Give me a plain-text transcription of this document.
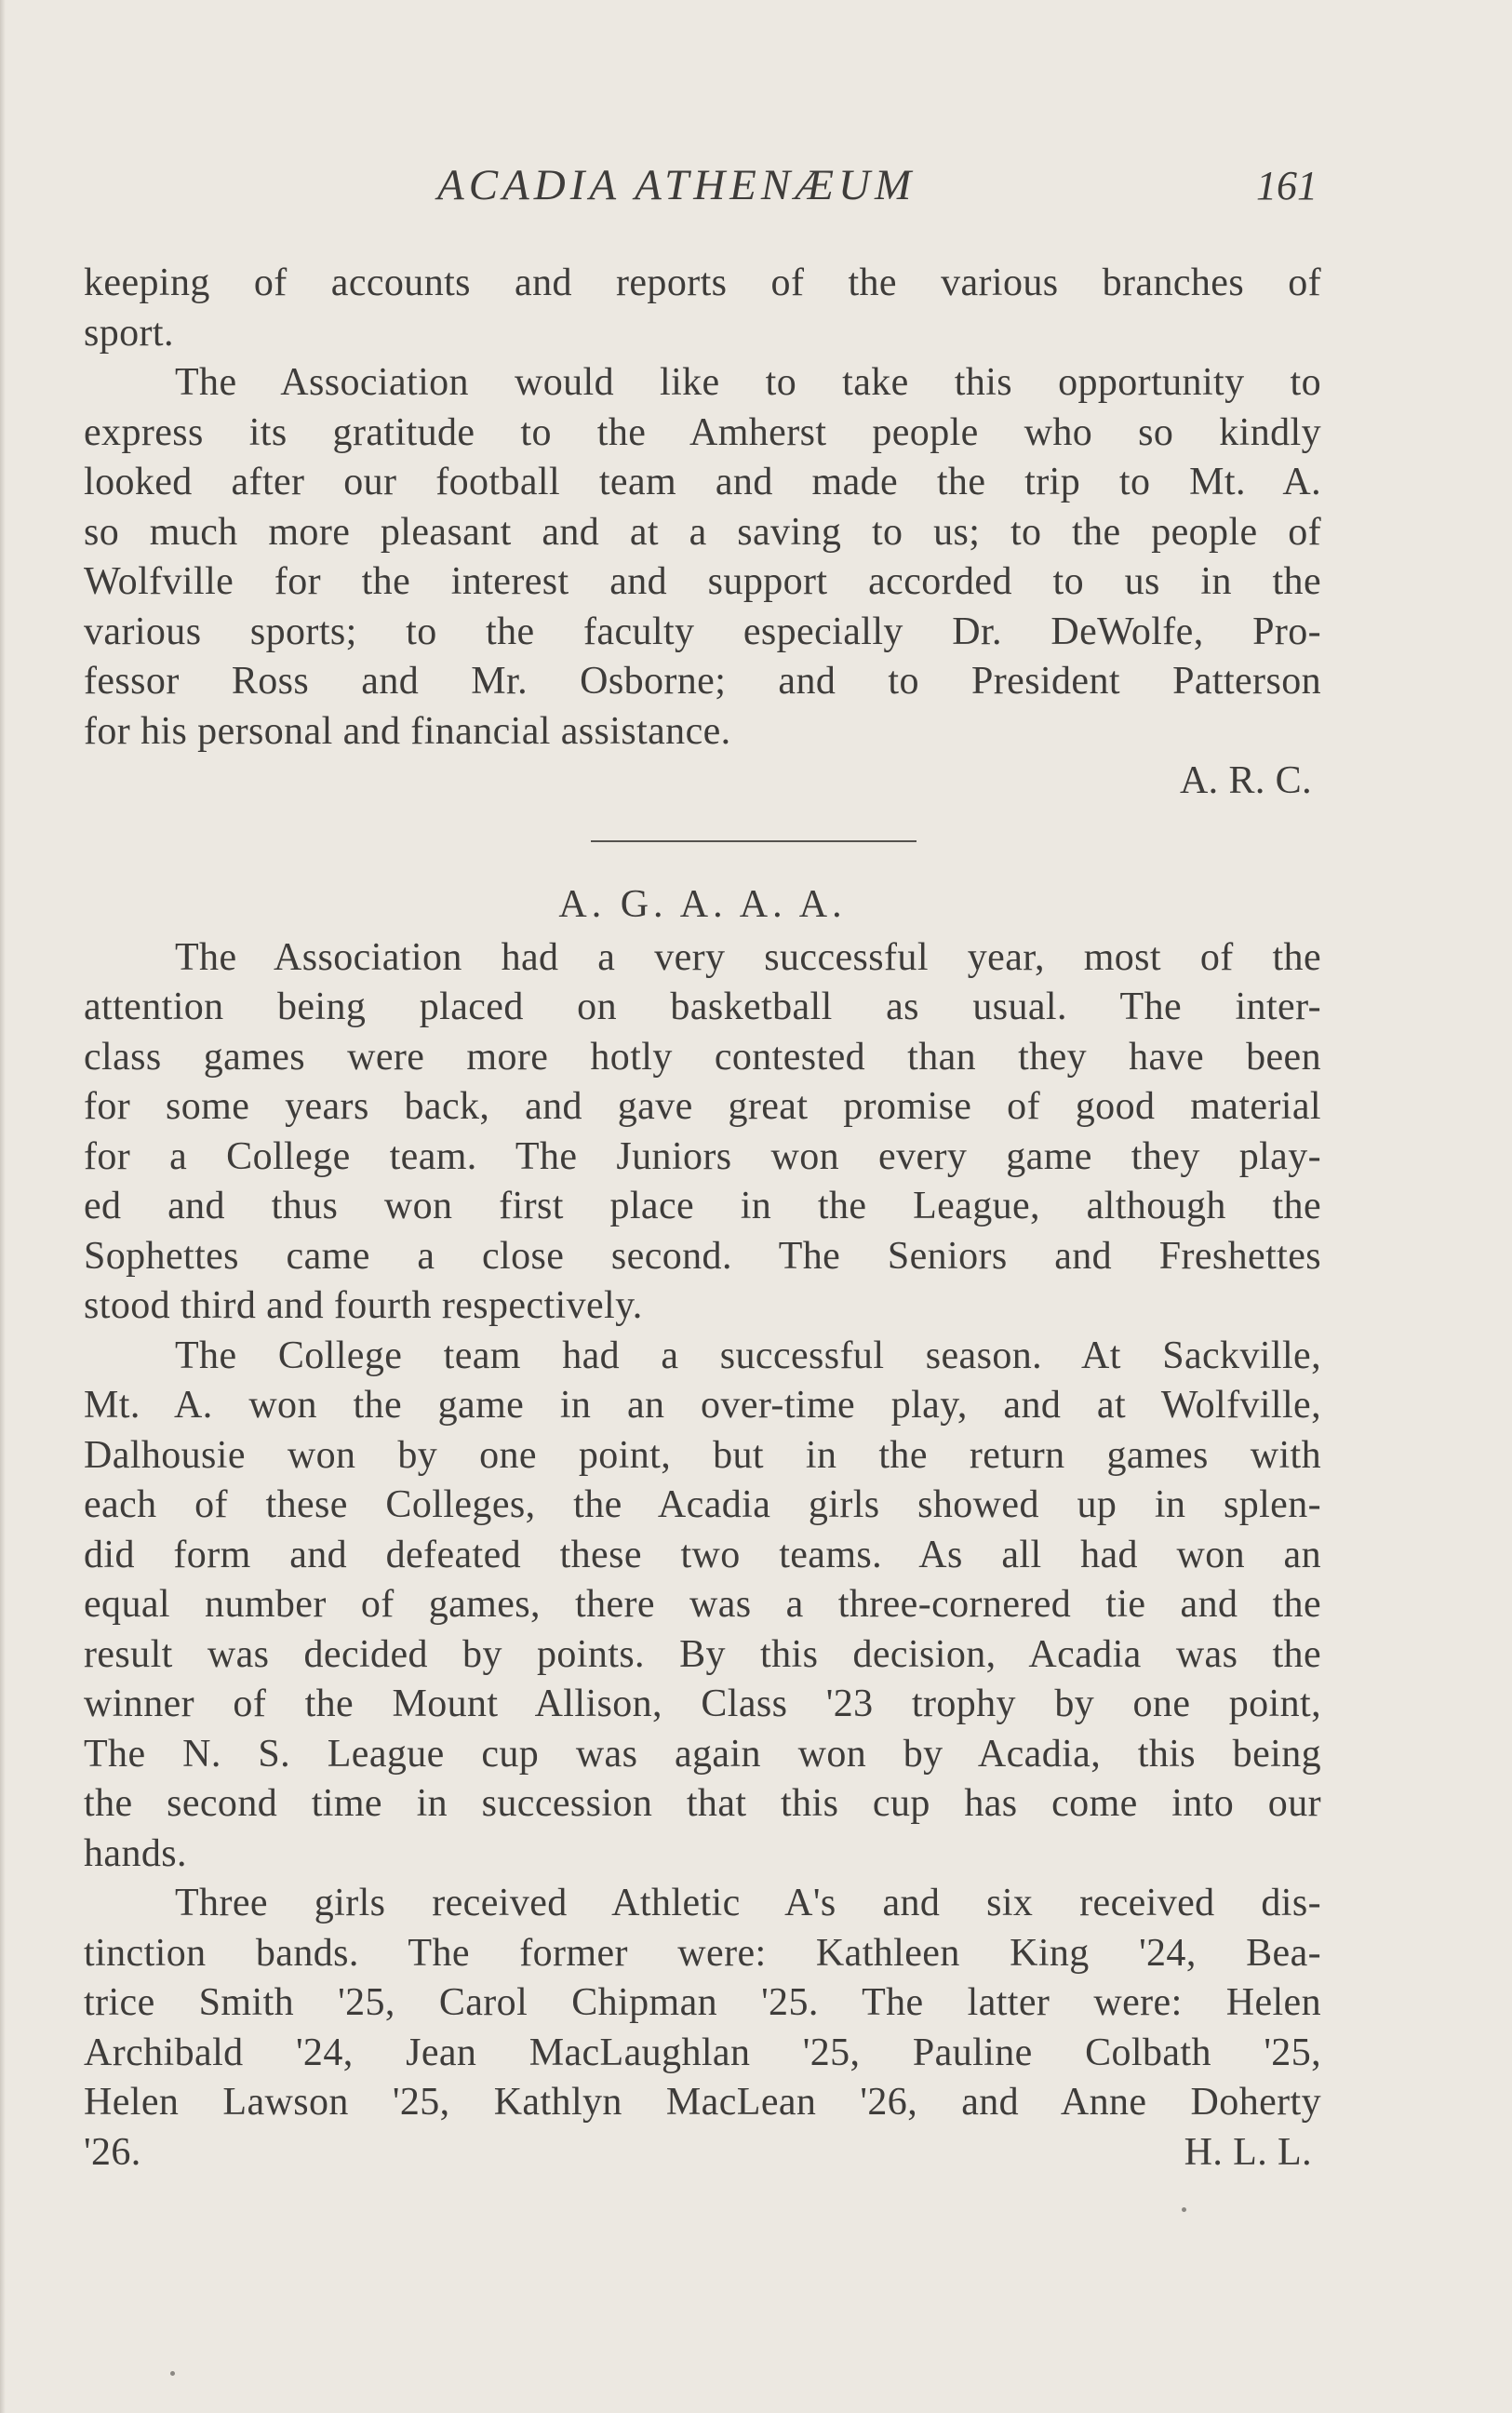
ACADIA ATHENÆUM	161
keeping of accounts and reports of the various branches of
sport.
The Association would like to take this opportunity to
express its gratitude to the Amherst people who so kindly
looked after our football team and made the trip to Mt. A.
so much more pleasant and at a saving to us; to the people of
Wolfville for the interest and support accorded to us in the
various sports; to the faculty especially Dr. DeWolfe, Pro-
fessor Ross and Mr. Osborne; and to President Patterson
for his personal and financial assistance.
A. R. C.
A. G. A. A. A.
The Association had a very successful year, most of the
attention being placed on basketball as usual. The inter-
class games were more hotly contested than they have been
for some years back, and gave great promise of good material
for a College team. The Juniors won every game they play-
ed and thus won first place in the League, although the
Sophettes came a close second. The Seniors and Freshettes
stood third and fourth respectively.
The College team had a successful season. At Sackville,
Mt. A. won the game in an over-time play, and at Wolfville,
Dalhousie won by one point, but in the return games with
each of these Colleges, the Acadia girls showed up in splen-
did form and defeated these two teams. As all had won an
equal number of games, there was a three-cornered tie and the
result was decided by points. By this decision, Acadia was the
winner of the Mount Allison, Class '23 trophy by one point,
The N. S. League cup was again won by Acadia, this being
the second time in succession that this cup has come into our
hands.
Three girls received Athletic A's and six received dis-
tinction bands. The former were: Kathleen King '24, Bea-
trice Smith '25, Carol Chipman '25. The latter were: Helen
Archibald '24, Jean MacLaughlan '25, Pauline Colbath '25,
Helen Lawson '25, Kathlyn MacLean '26, and Anne Doherty
'26.	H. L. L.
